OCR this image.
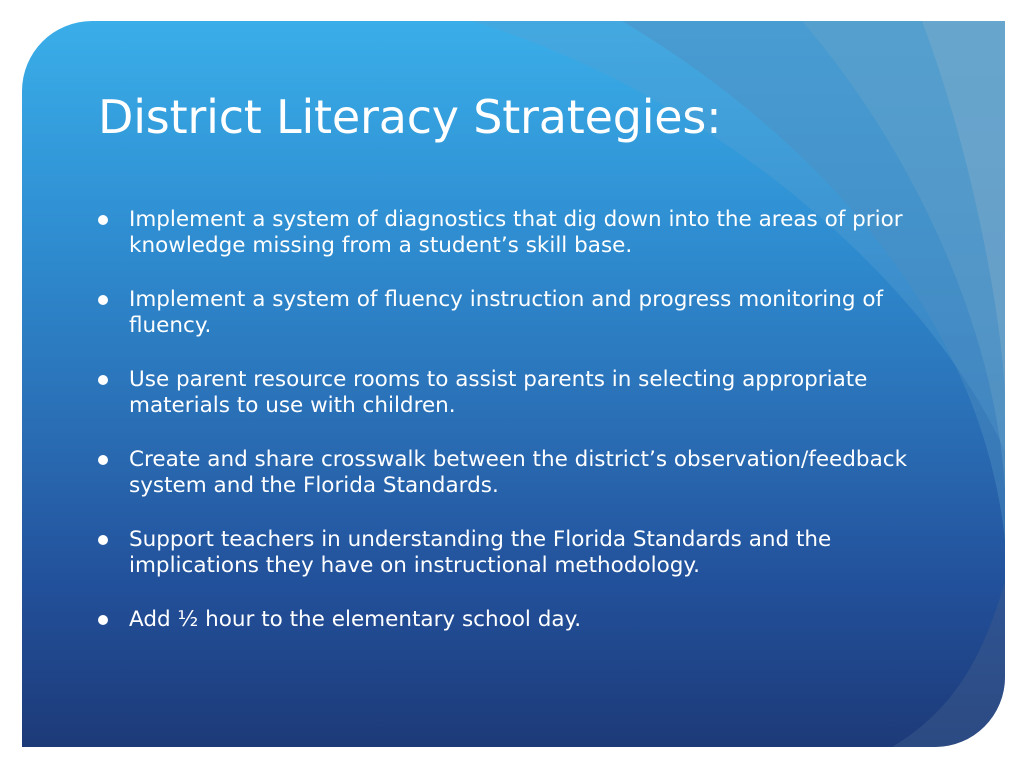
District Literacy Strategies:
Implement a system of diagnostics that dig down into the areas of prior knowledge missing from a student’s skill base.
Implement a system of fluency instruction and progress monitoring of fluency.
Use parent resource rooms to assist parents in selecting appropriate materials to use with children.
Create and share crosswalk between the district’s observation/feedback system and the Florida Standards.
Support teachers in understanding the Florida Standards and the implications they have on instructional methodology.
Add ½ hour to the elementary school day.
